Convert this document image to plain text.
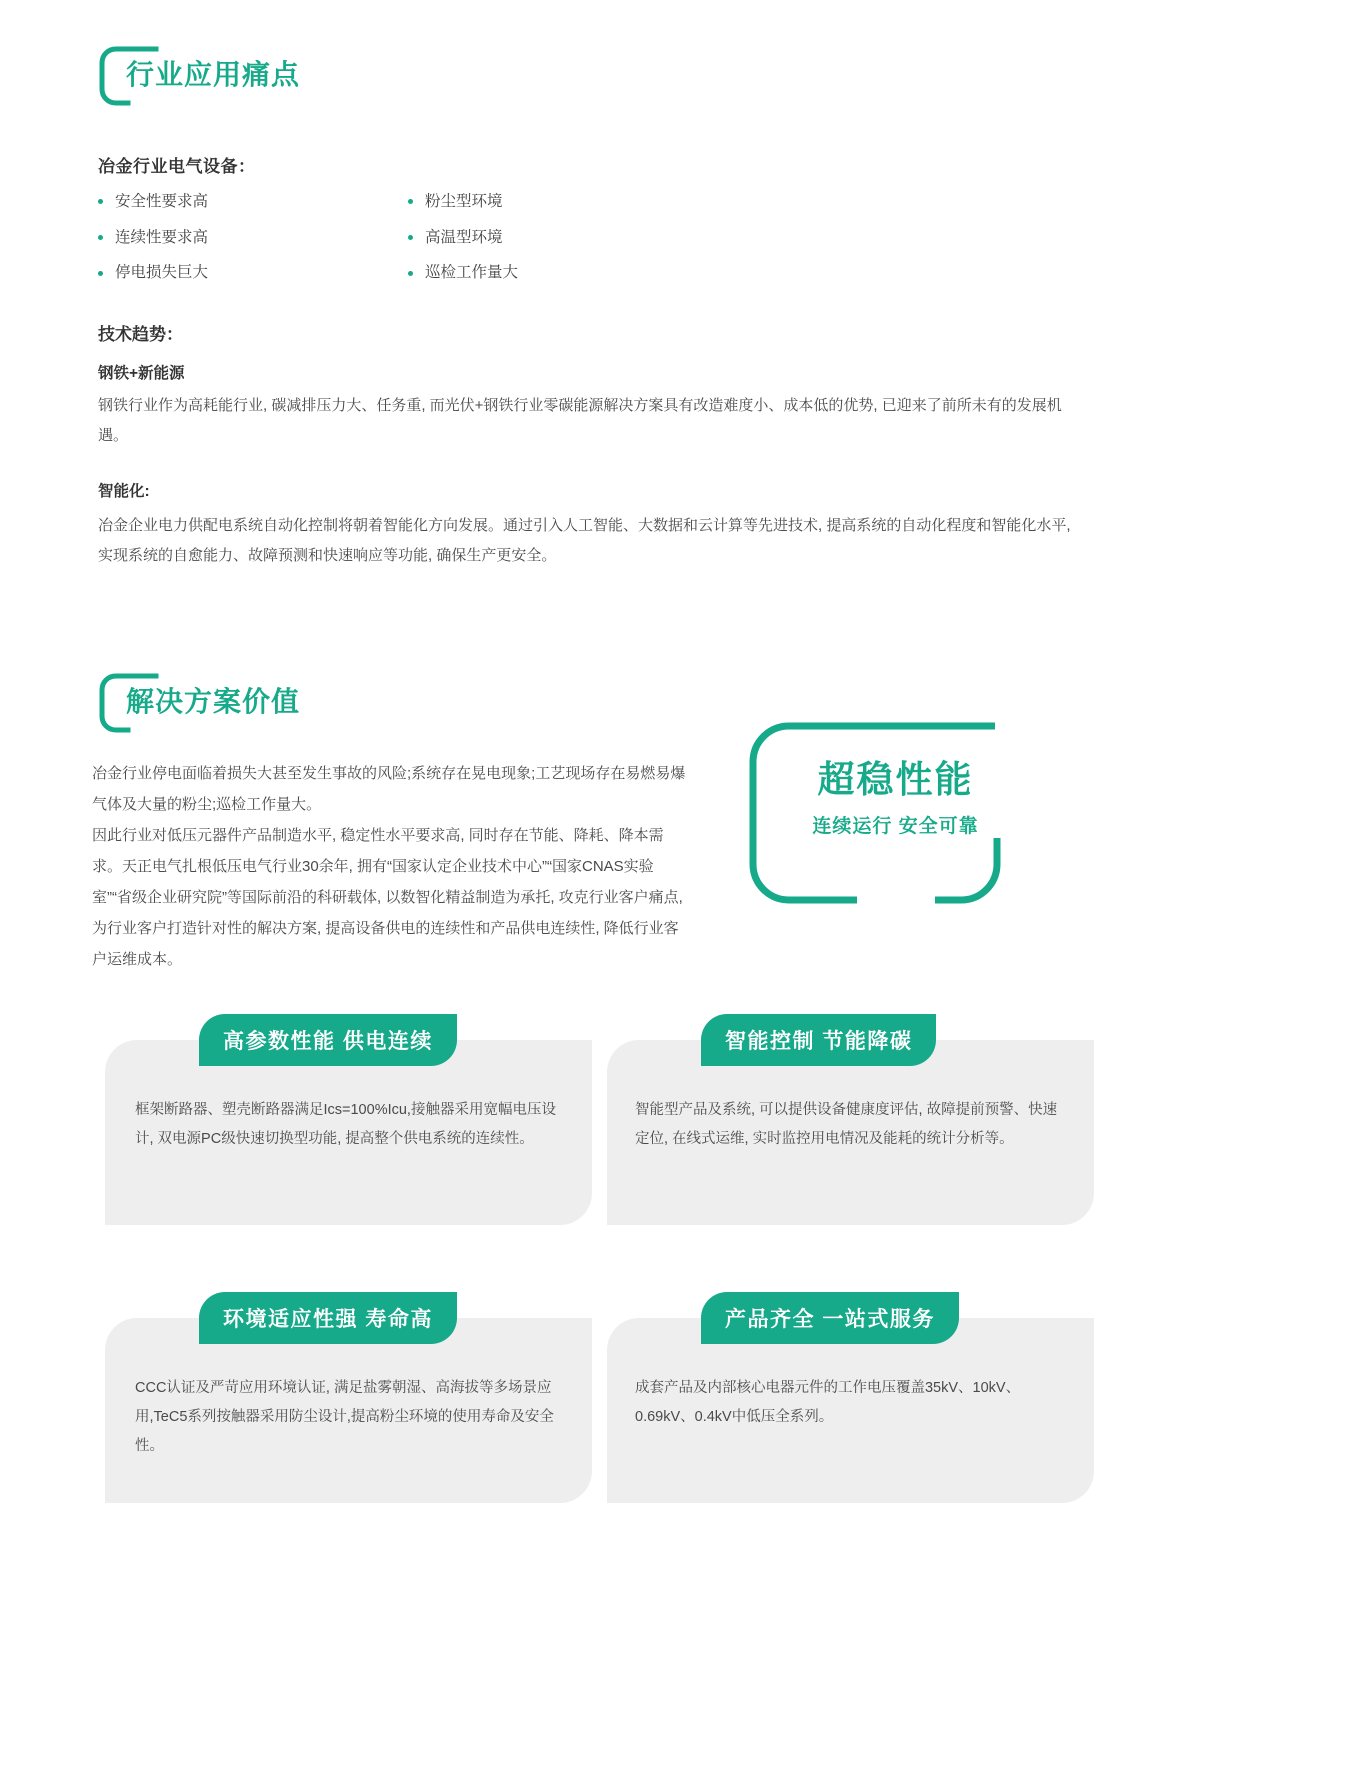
行业应用痛点
冶金行业电气设备：
安全性要求高	粉尘型环境
连续性要求高	高温型环境
停电损失巨大	巡检工作量大
技术趋势：
钢铁+新能源
钢铁行业作为高耗能行业, 碳减排压力大、任务重, 而光伏+钢铁行业零碳能源解决方案具有改造难度小、成本低的优势, 已迎来了前所未有的发展机遇。
智能化:
冶金企业电力供配电系统自动化控制将朝着智能化方向发展。通过引入人工智能、大数据和云计算等先进技术, 提高系统的自动化程度和智能化水平, 实现系统的自愈能力、故障预测和快速响应等功能, 确保生产更安全。
解决方案价值

冶金行业停电面临着损失大甚至发生事故的风险;系统存在晃电现象;工艺现场存在易燃易爆气体及大量的粉尘;巡检工作量大。

因此行业对低压元器件产品制造水平, 稳定性水平要求高, 同时存在节能、降耗、降本需求。天正电气扎根低压电气行业30余年, 拥有“国家认定企业技术中心”“国家CNAS实验室”“省级企业研究院”等国际前沿的科研载体, 以数智化精益制造为承托, 攻克行业客户痛点, 为行业客户打造针对性的解决方案, 提高设备供电的连续性和产品供电连续性, 降低行业客户运维成本。

超稳性能
连续运行 安全可靠
高参数性能 供电连续
框架断路器、塑壳断路器满足Ics=100%Icu,接触器采用宽幅电压设计, 双电源PC级快速切换型功能, 提高整个供电系统的连续性。
智能控制 节能降碳
智能型产品及系统, 可以提供设备健康度评估, 故障提前预警、快速定位, 在线式运维, 实时监控用电情况及能耗的统计分析等。
环境适应性强 寿命高
CCC认证及严苛应用环境认证, 满足盐雾朝湿、高海拔等多场景应用,TeC5系列按触器采用防尘设计,提高粉尘环境的使用寿命及安全性。
产品齐全 一站式服务
成套产品及内部核心电器元件的工作电压覆盖35kV、10kV、0.69kV、0.4kV中低压全系列。
